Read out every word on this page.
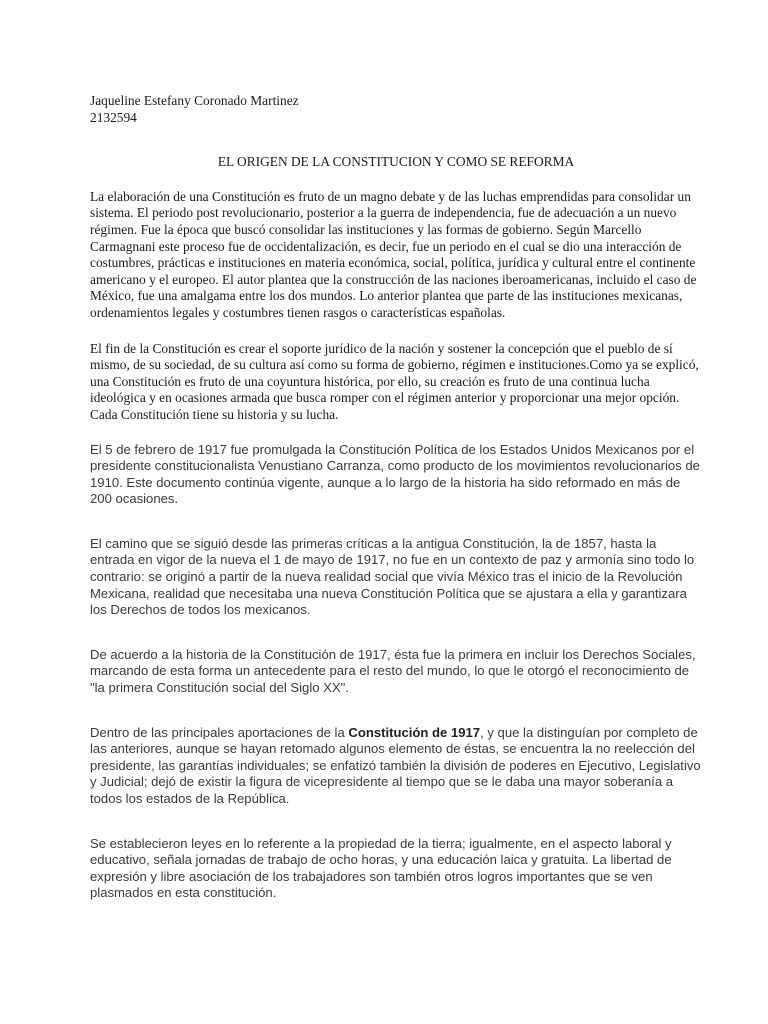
Jaqueline Estefany Coronado Martinez
2132594
EL ORIGEN DE LA CONSTITUCION Y COMO SE REFORMA

La elaboración de una Constitución es fruto de un magno debate y de las luchas emprendidas para consolidar un sistema. El periodo post revolucionario, posterior a la guerra de independencia, fue de adecuación a un nuevo régimen. Fue la época que buscó consolidar las instituciones y las formas de gobierno. Según Marcello Carmagnani este proceso fue de occidentalización, es decir, fue un periodo en el cual se dio una interacción de costumbres, prácticas e instituciones en materia económica, social, política, jurídica y cultural entre el continente americano y el europeo. El autor plantea que la construcción de las naciones iberoamericanas, incluido el caso de México, fue una amalgama entre los dos mundos. Lo anterior plantea que parte de las instituciones mexicanas, ordenamientos legales y costumbres tienen rasgos o características españolas.

El fin de la Constitución es crear el soporte jurídico de la nación y sostener la concepción que el pueblo de sí mismo, de su sociedad, de su cultura así como su forma de gobierno, régimen e instituciones.Como ya se explicó, una Constitución es fruto de una coyuntura histórica, por ello, su creación es fruto de una continua lucha ideológica y en ocasiones armada que busca romper con el régimen anterior y proporcionar una mejor opción. Cada Constitución tiene su historia y su lucha.

El 5 de febrero de 1917 fue promulgada la Constitución Política de los Estados Unidos Mexicanos por el presidente constitucionalista Venustiano Carranza, como producto de los movimientos revolucionarios de 1910. Este documento continúa vigente, aunque a lo largo de la historia ha sido reformado en más de 200 ocasiones.

El camino que se siguió desde las primeras críticas a la antigua Constitución, la de 1857, hasta la entrada en vigor de la nueva el 1 de mayo de 1917, no fue en un contexto de paz y armonía sino todo lo contrario: se originó a partir de la nueva realidad social que vivía México tras el inicio de la Revolución Mexicana, realidad que necesitaba una nueva Constitución Política que se ajustara a ella y garantizara los Derechos de todos los mexicanos.

De acuerdo a la historia de la Constitución de 1917, ésta fue la primera en incluir los Derechos Sociales, marcando de esta forma un antecedente para el resto del mundo, lo que le otorgó el reconocimiento de "la primera Constitución social del Siglo XX".

Dentro de las principales aportaciones de la Constitución de 1917, y que la distinguían por completo de las anteriores, aunque se hayan retomado algunos elemento de éstas, se encuentra la no reelección del presidente, las garantías individuales; se enfatizó también la división de poderes en Ejecutivo, Legislativo y Judicial; dejó de existir la figura de vicepresidente al tiempo que se le daba una mayor soberanía a todos los estados de la República.

Se establecieron leyes en lo referente a la propiedad de la tierra; igualmente, en el aspecto laboral y educativo, señala jornadas de trabajo de ocho horas, y una educación laica y gratuita. La libertad de expresión y libre asociación de los trabajadores son también otros logros importantes que se ven plasmados en esta constitución.
